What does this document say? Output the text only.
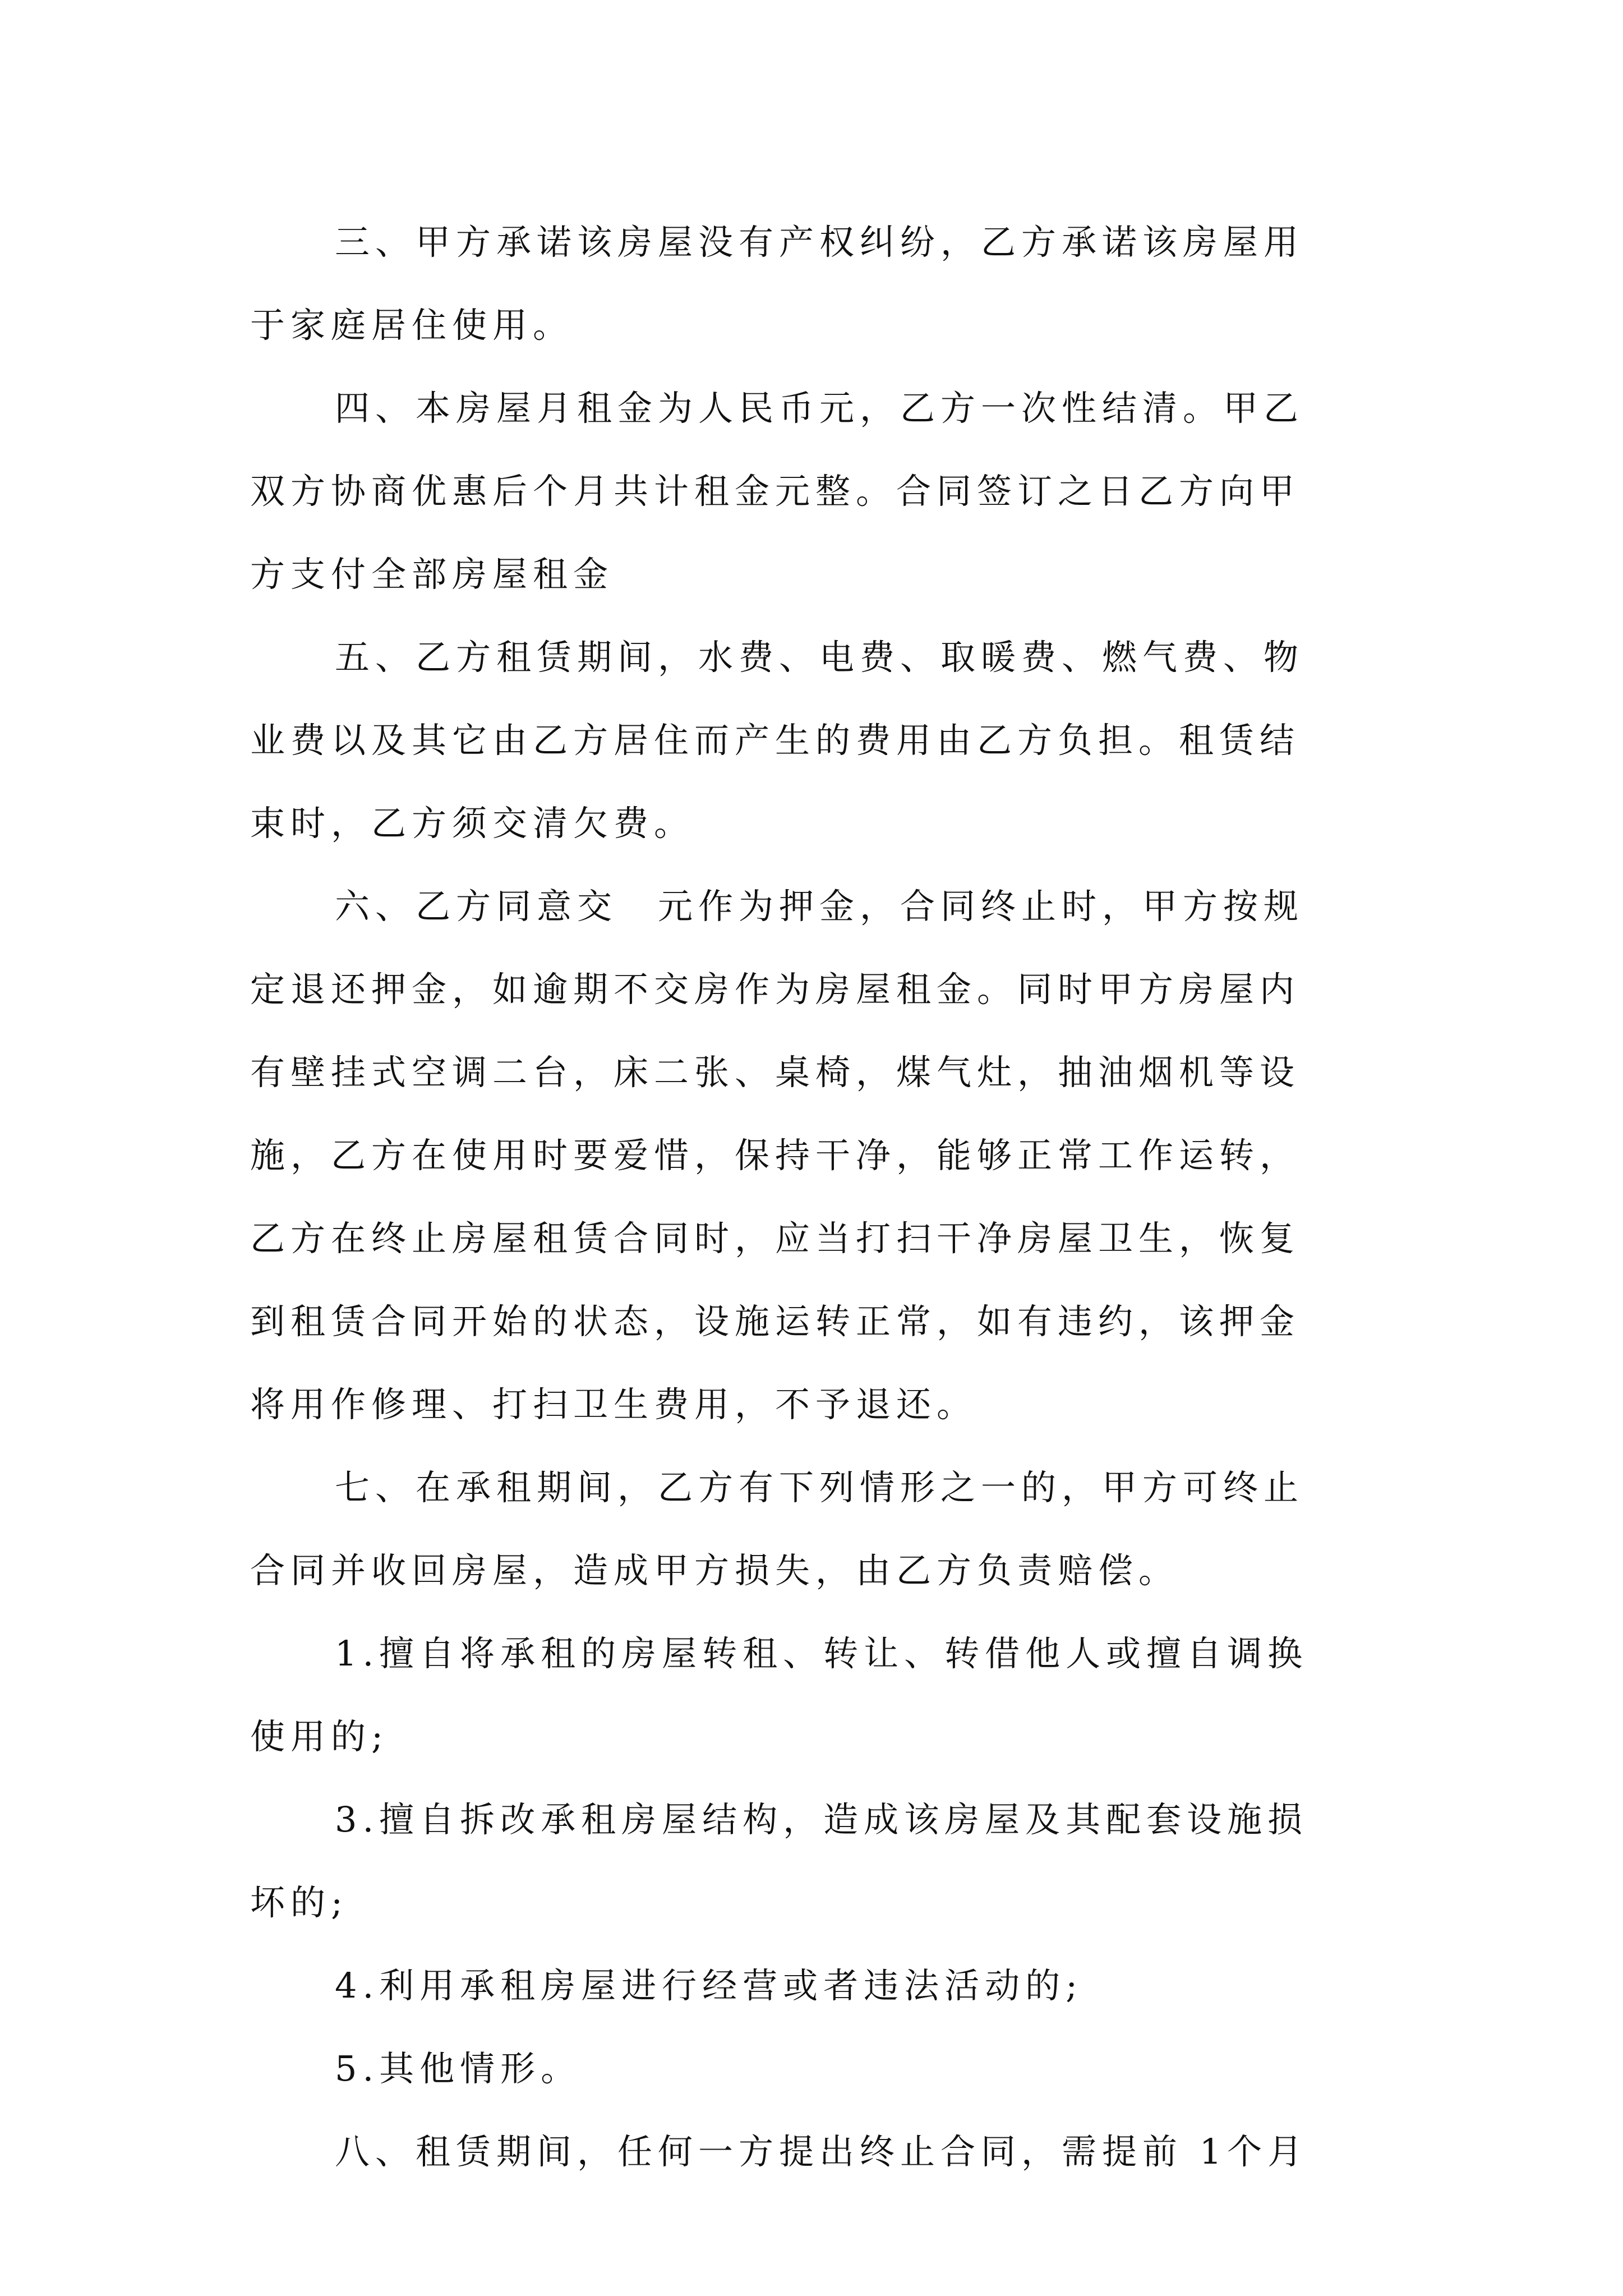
三、甲方承诺该房屋没有产权纠纷，乙方承诺该房屋用
于家庭居住使用。
四、本房屋月租金为人民币元，乙方一次性结清。甲乙
双方协商优惠后个月共计租金元整。合同签订之日乙方向甲
方支付全部房屋租金
五、乙方租赁期间，水费、电费、取暖费、燃气费、物
业费以及其它由乙方居住而产生的费用由乙方负担。租赁结
束时，乙方须交清欠费。
六、乙方同意交　元作为押金，合同终止时，甲方按规
定退还押金，如逾期不交房作为房屋租金。同时甲方房屋内
有壁挂式空调二台，床二张、桌椅，煤气灶，抽油烟机等设
施，乙方在使用时要爱惜，保持干净，能够正常工作运转，
乙方在终止房屋租赁合同时，应当打扫干净房屋卫生，恢复
到租赁合同开始的状态，设施运转正常，如有违约，该押金
将用作修理、打扫卫生费用，不予退还。
七、在承租期间，乙方有下列情形之一的，甲方可终止
合同并收回房屋，造成甲方损失，由乙方负责赔偿。
1.擅自将承租的房屋转租、转让、转借他人或擅自调换
使用的;
3.擅自拆改承租房屋结构，造成该房屋及其配套设施损
坏的;
4.利用承租房屋进行经营或者违法活动的;
5.其他情形。
八、租赁期间，任何一方提出终止合同，需提前 1个月
